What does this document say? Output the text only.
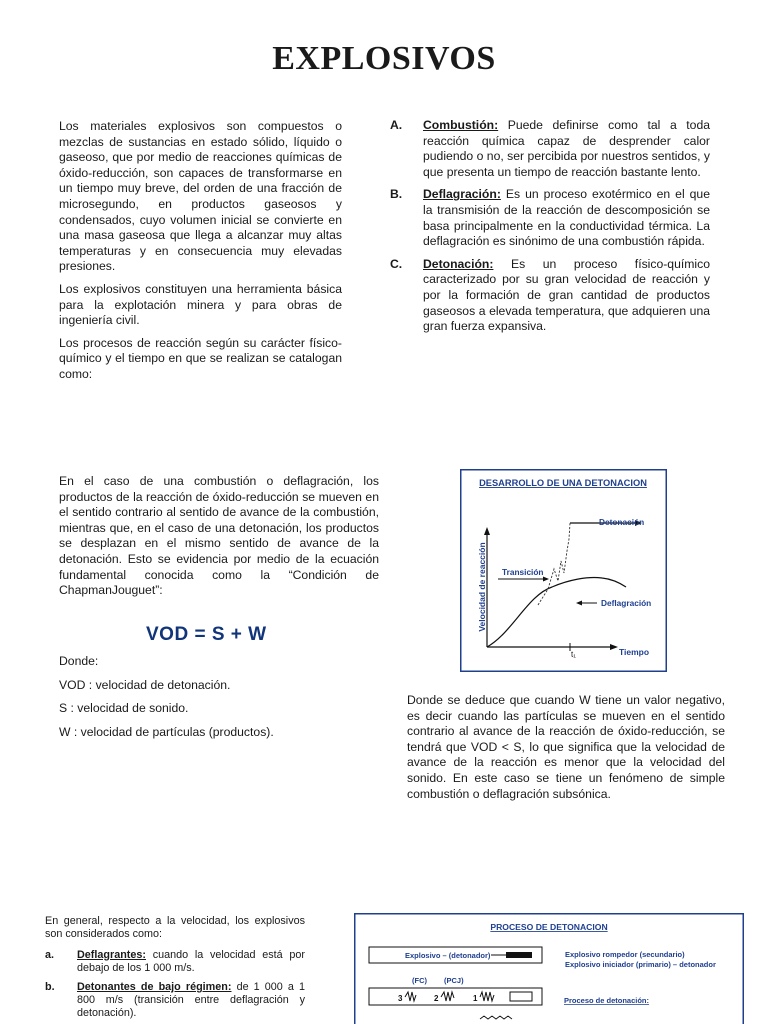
EXPLOSIVOS

Los materiales explosivos son compuestos o mezclas de sustancias en estado sólido, líquido o gaseoso, que por medio de reacciones químicas de óxido-reducción, son capaces de transformarse en un tiempo muy breve, del orden de una fracción de microsegundo, en productos gaseosos y condensados, cuyo volumen inicial se convierte en una masa gaseosa que llega a alcanzar muy altas temperaturas y en consecuencia muy elevadas presiones.

Los explosivos constituyen una herramienta básica para la explotación minera y para obras de ingeniería civil.

Los procesos de reacción según su carácter físico-químico y el tiempo en que se realizan se catalogan como:

A. Combustión: Puede definirse como tal a toda reacción química capaz de desprender calor pudiendo o no, ser percibida por nuestros sentidos, y que presenta un tiempo de reacción bastante lento.
B. Deflagración: Es un proceso exotérmico en el que la transmisión de la reacción de descomposición se basa principalmente en la conductividad térmica. La deflagración es sinónimo de una combustión rápida.
C. Detonación: Es un proceso físico-químico caracterizado por su gran velocidad de reacción y por la formación de gran cantidad de productos gaseosos a elevada temperatura, que adquieren una gran fuerza expansiva.
En el caso de una combustión o deflagración, los productos de la reacción de óxido-reducción se mueven en el sentido contrario al sentido de avance de la combustión, mientras que, en el caso de una detonación, los productos se desplazan en el mismo sentido de avance de la detonación. Esto se evidencia por medio de la ecuación fundamental conocida como la “Condición de ChapmanJouguet”:
VOD = S + W
Donde:
VOD : velocidad de detonación.
S : velocidad de sonido.
W : velocidad de partículas (productos).
DESARROLLO DE UNA DETONACION
Velocidad de reacción
Tiempo
t₁
Detonación
Transición
Deflagración
Donde se deduce que cuando W tiene un valor negativo, es decir cuando las partículas se mueven en el sentido contrario al avance de la reacción de óxido-reducción, se tendrá que VOD < S, lo que significa que la velocidad de avance de la reacción es menor que la velocidad del sonido. En este caso se tiene un fenómeno de simple combustión o deflagración subsónica.
En general, respecto a la velocidad, los explosivos son considerados como:
a. Deflagrantes: cuando la velocidad está por debajo de los 1 000 m/s.
b. Detonantes de bajo régimen: de 1 000 a 1 800 m/s (transición entre deflagración y detonación).
PROCESO DE DETONACION
Explosivo – (detonador)	Explosivo rompedor (secundario)
Explosivo iniciador (primario) – detonador
(FC) (PCJ)
3	2	1	Proceso de detonación:
